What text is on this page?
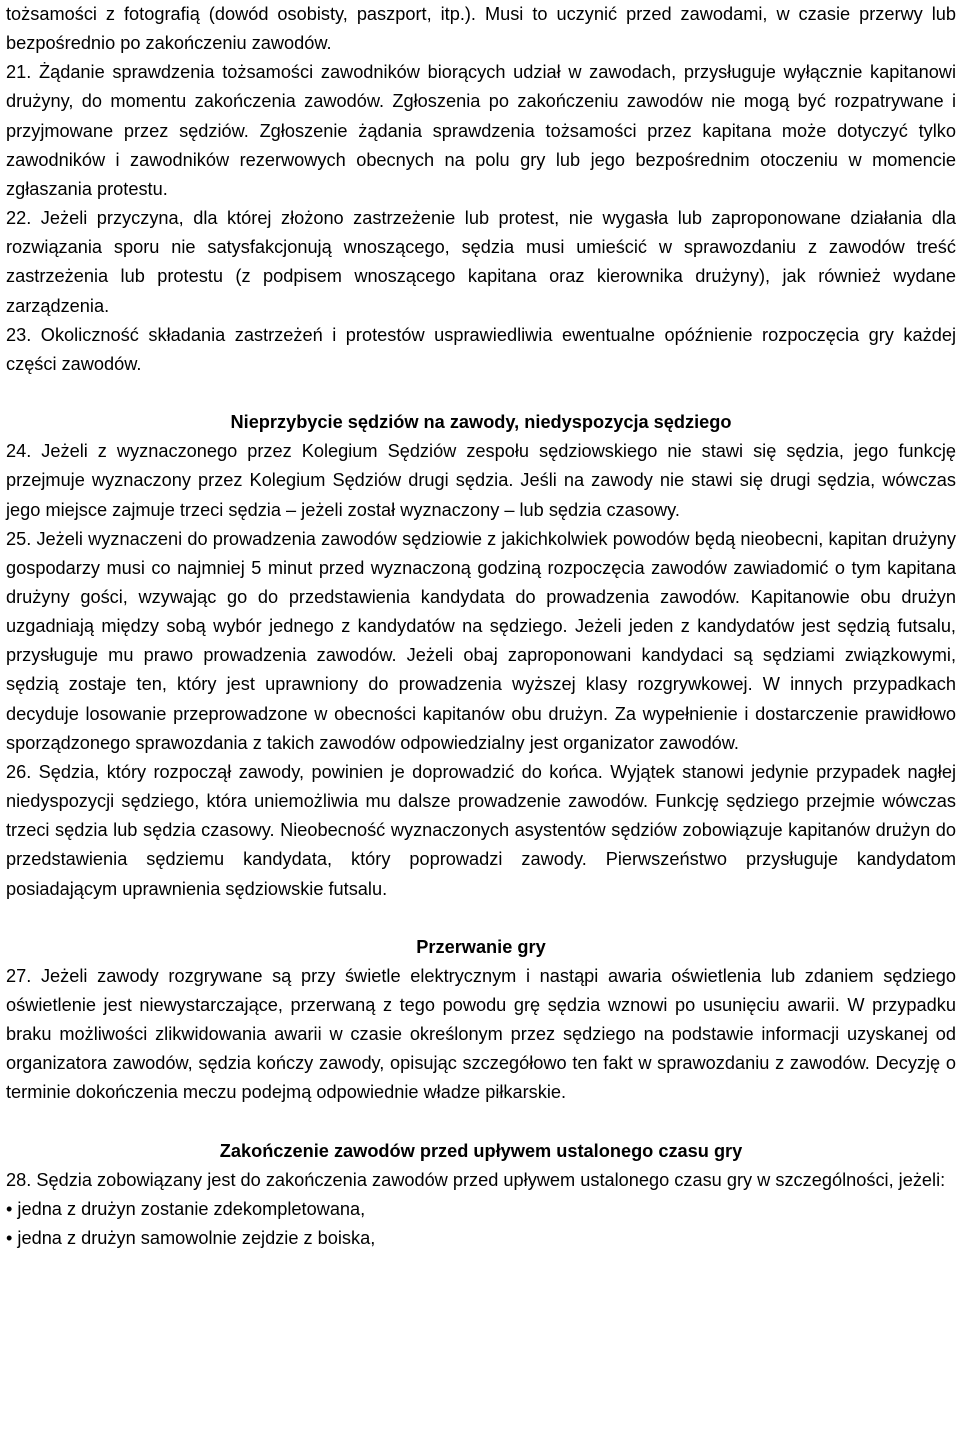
tożsamości z fotografią (dowód osobisty, paszport, itp.). Musi to uczynić przed zawodami, w czasie przerwy lub bezpośrednio po zakończeniu zawodów.

21. Żądanie sprawdzenia tożsamości zawodników biorących udział w zawodach, przysługuje wyłącznie kapitanowi drużyny, do momentu zakończenia zawodów. Zgłoszenia po zakończeniu zawodów nie mogą być rozpatrywane i przyjmowane przez sędziów. Zgłoszenie żądania sprawdzenia tożsamości przez kapitana może dotyczyć tylko zawodników i zawodników rezerwowych obecnych na polu gry lub jego bezpośrednim otoczeniu w momencie zgłaszania protestu.

22. Jeżeli przyczyna, dla której złożono zastrzeżenie lub protest, nie wygasła lub zaproponowane działania dla rozwiązania sporu nie satysfakcjonują wnoszącego, sędzia musi umieścić w sprawozdaniu z zawodów treść zastrzeżenia lub protestu (z podpisem wnoszącego kapitana oraz kierownika drużyny), jak również wydane zarządzenia.

23. Okoliczność składania zastrzeżeń i protestów usprawiedliwia ewentualne opóźnienie rozpoczęcia gry każdej części zawodów.

Nieprzybycie sędziów na zawody, niedyspozycja sędziego

24. Jeżeli z wyznaczonego przez Kolegium Sędziów zespołu sędziowskiego nie stawi się sędzia, jego funkcję przejmuje wyznaczony przez Kolegium Sędziów drugi sędzia. Jeśli na zawody nie stawi się drugi sędzia, wówczas jego miejsce zajmuje trzeci sędzia – jeżeli został wyznaczony – lub sędzia czasowy.

25. Jeżeli wyznaczeni do prowadzenia zawodów sędziowie z jakichkolwiek powodów będą nieobecni, kapitan drużyny gospodarzy musi co najmniej 5 minut przed wyznaczoną godziną rozpoczęcia zawodów zawiadomić o tym kapitana drużyny gości, wzywając go do przedstawienia kandydata do prowadzenia zawodów. Kapitanowie obu drużyn uzgadniają między sobą wybór jednego z kandydatów na sędziego. Jeżeli jeden z kandydatów jest sędzią futsalu, przysługuje mu prawo prowadzenia zawodów. Jeżeli obaj zaproponowani kandydaci są sędziami związkowymi, sędzią zostaje ten, który jest uprawniony do prowadzenia wyższej klasy rozgrywkowej. W innych przypadkach decyduje losowanie przeprowadzone w obecności kapitanów obu drużyn. Za wypełnienie i dostarczenie prawidłowo sporządzonego sprawozdania z takich zawodów odpowiedzialny jest organizator zawodów.

26. Sędzia, który rozpoczął zawody, powinien je doprowadzić do końca. Wyjątek stanowi jedynie przypadek nagłej niedyspozycji sędziego, która uniemożliwia mu dalsze prowadzenie zawodów. Funkcję sędziego przejmie wówczas trzeci sędzia lub sędzia czasowy. Nieobecność wyznaczonych asystentów sędziów zobowiązuje kapitanów drużyn do przedstawienia sędziemu kandydata, który poprowadzi zawody. Pierwszeństwo przysługuje kandydatom posiadającym uprawnienia sędziowskie futsalu.

Przerwanie gry

27. Jeżeli zawody rozgrywane są przy świetle elektrycznym i nastąpi awaria oświetlenia lub zdaniem sędziego oświetlenie jest niewystarczające, przerwaną z tego powodu grę sędzia wznowi po usunięciu awarii. W przypadku braku możliwości zlikwidowania awarii w czasie określonym przez sędziego na podstawie informacji uzyskanej od organizatora zawodów, sędzia kończy zawody, opisując szczegółowo ten fakt w sprawozdaniu z zawodów. Decyzję o terminie dokończenia meczu podejmą odpowiednie władze piłkarskie.

Zakończenie zawodów przed upływem ustalonego czasu gry

28. Sędzia zobowiązany jest do zakończenia zawodów przed upływem ustalonego czasu gry w szczególności, jeżeli:

• jedna z drużyn zostanie zdekompletowana,

• jedna z drużyn samowolnie zejdzie z boiska,
